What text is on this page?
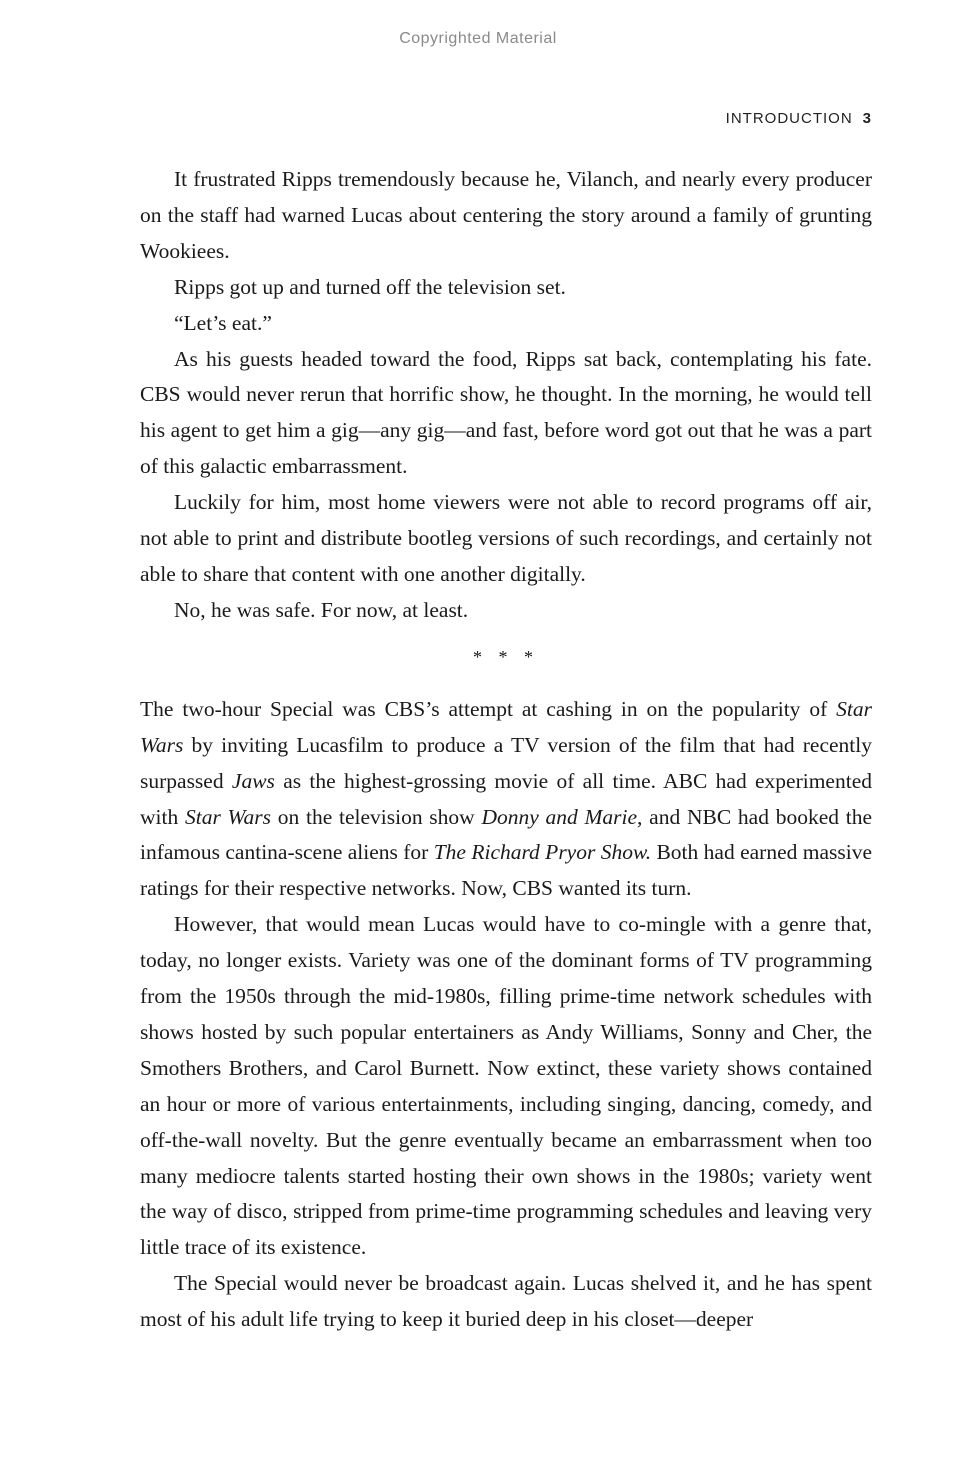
Copyrighted Material
INTRODUCTION 3

It frustrated Ripps tremendously because he, Vilanch, and nearly every producer on the staff had warned Lucas about centering the story around a family of grunting Wookiees.

Ripps got up and turned off the television set.

“Let’s eat.”

As his guests headed toward the food, Ripps sat back, contemplating his fate. CBS would never rerun that horrific show, he thought. In the morning, he would tell his agent to get him a gig—any gig—and fast, before word got out that he was a part of this galactic embarrassment.

Luckily for him, most home viewers were not able to record programs off air, not able to print and distribute bootleg versions of such recordings, and certainly not able to share that content with one another digitally.

No, he was safe. For now, at least.

* * *

The two-hour Special was CBS’s attempt at cashing in on the popularity of Star Wars by inviting Lucasfilm to produce a TV version of the film that had recently surpassed Jaws as the highest-grossing movie of all time. ABC had experimented with Star Wars on the television show Donny and Marie, and NBC had booked the infamous cantina-scene aliens for The Richard Pryor Show. Both had earned massive ratings for their respective networks. Now, CBS wanted its turn.

However, that would mean Lucas would have to co-mingle with a genre that, today, no longer exists. Variety was one of the dominant forms of TV programming from the 1950s through the mid-1980s, filling prime-time network schedules with shows hosted by such popular entertainers as Andy Williams, Sonny and Cher, the Smothers Brothers, and Carol Burnett. Now extinct, these variety shows contained an hour or more of various entertainments, including singing, dancing, comedy, and off-the-wall novelty. But the genre eventually became an embarrassment when too many mediocre talents started hosting their own shows in the 1980s; variety went the way of disco, stripped from prime-time programming schedules and leaving very little trace of its existence.

The Special would never be broadcast again. Lucas shelved it, and he has spent most of his adult life trying to keep it buried deep in his closet—deeper
